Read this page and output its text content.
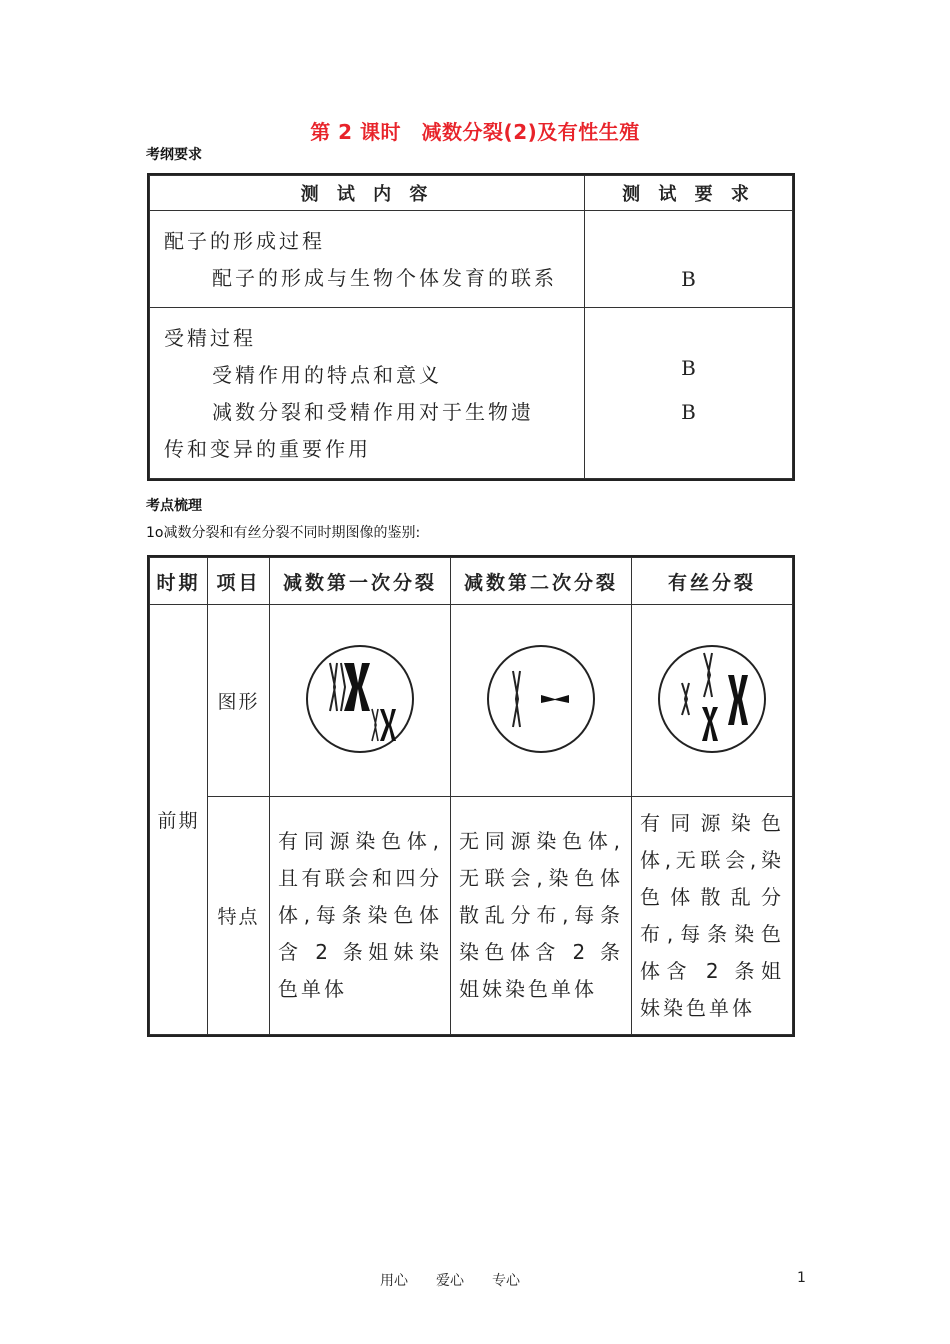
第 2 课时　减数分裂(2)及有性生殖
考纲要求
测 试 内 容	测 试 要 求

配子的形成过程
配子的形成与生物个体发育的联系	B

受精过程
受精作用的特点和意义
减数分裂和受精作用对于生物遗
传和变异的重要作用	B
B
考点梳理
1o减数分裂和有丝分裂不同时期图像的鉴别:
时期	项目	减数第一次分裂	减数第二次分裂	有丝分裂
前期	图形			
	特点	有同源染色体,且有联会和四分体,每条染色体含 2 条姐妹染色单体	无同源染色体,无联会,染色体散乱分布,每条染色体含 2 条姐妹染色单体	有同源染色体,无联会,染色体散乱分布,每条染色体含 2 条姐妹染色单体
用心　　爱心　　专心	1
